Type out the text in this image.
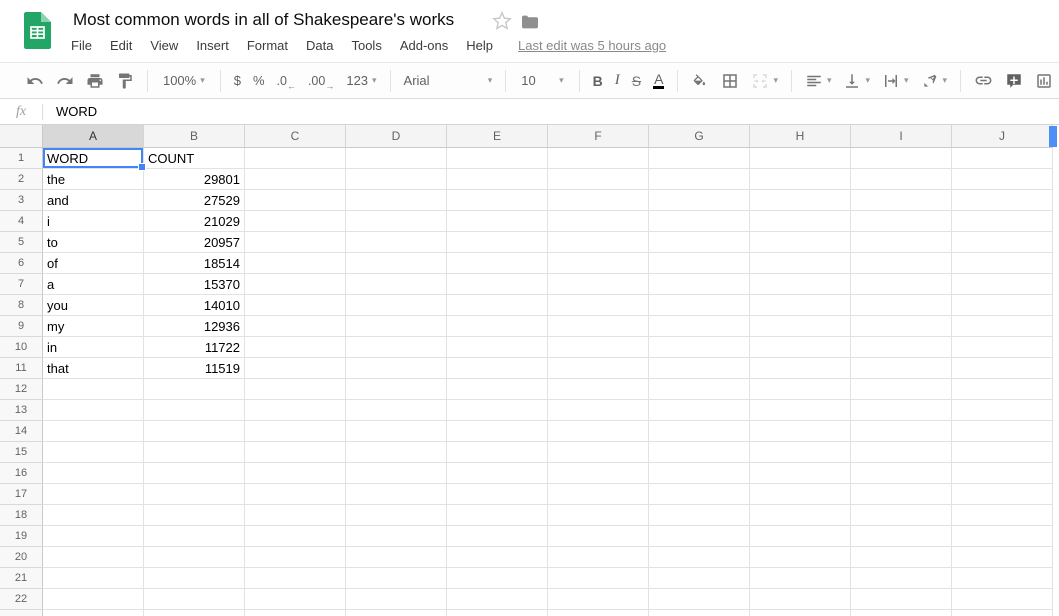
Most common words in all of Shakespeare's works
File	Edit	View	Insert	Format	Data	Tools	Add-ons	Help	Last edit was 5 hours ago
100% ▾ $ % .0 ← .00 → 123 ▾ Arial	▾ 10	▾ B I S A	▾	▾	▾	▾	▾
fx	WORD
A	B	C	D	E	F	G	H	I	J
1	WORD	COUNT
2	the	29801
3	and	27529
4	i	21029
5	to	20957
6	of	18514
7	a	15370
8	you	14010
9	my	12936
10	in	11722
11	that	11519
12
13
14
15
16
17
18
19
20
21
22
